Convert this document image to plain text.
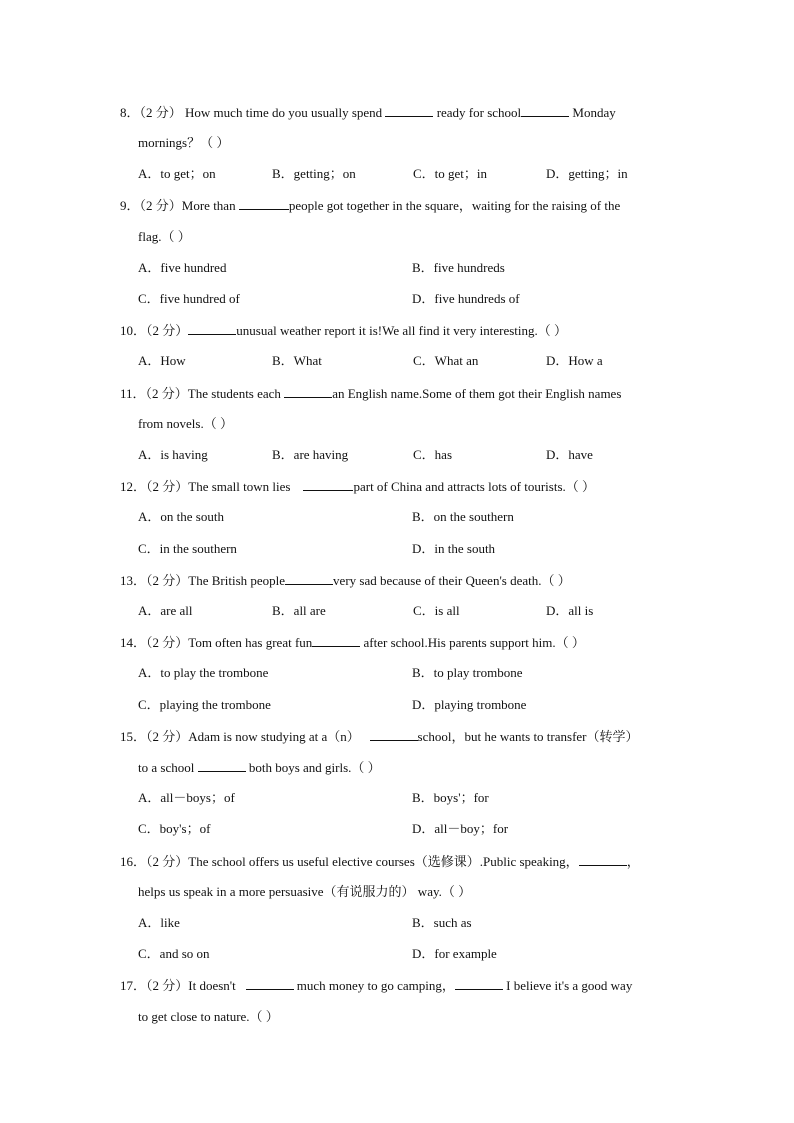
8．（2 分） How much time do you usually spend	ready for school	Monday
mornings？（ ）
A．to get；on	B．getting；on	C．to get；in	D．getting；in
9．（2 分）More than	people got together in the square，waiting for the raising of the
flag.（ ）
A．five hundred	B．five hundreds
C．five hundred of	D．five hundreds of
10．（2 分）	unusual weather report it is!We all find it very interesting.（ ）
A．How	B．What	C．What an	D．How a
11．（2 分）The students each	an English name.Some of them got their English names
from novels.（ ）
A．is having	B．are having	C．has	D．have
12．（2 分）The small town lies	part of China and attracts lots of tourists.（ ）
A．on the south	B．on the southern
C．in the southern	D．in the south
13．（2 分）The British people	very sad because of their Queen's death.（ ）
A．are all	B．all are	C．is all	D．all is
14．（2 分）Tom often has great fun	after school.His parents support him.（ ）
A．to play the trombone	B．to play trombone
C．playing the trombone	D．playing trombone
15．（2 分）Adam is now studying at a（n）	school，but he wants to transfer（转学）
to a school	both boys and girls.（ ）
A．all－boys；of	B．boys'；for
C．boy's；of	D．all－boy；for
16．（2 分）The school offers us useful elective courses（选修课）.Public speaking，	，
helps us speak in a more persuasive（有说服力的） way.（ ）
A．like	B．such as
C．and so on	D．for example
17．（2 分）It doesn't	much money to go camping，	I believe it's a good way
to get close to nature.（ ）
